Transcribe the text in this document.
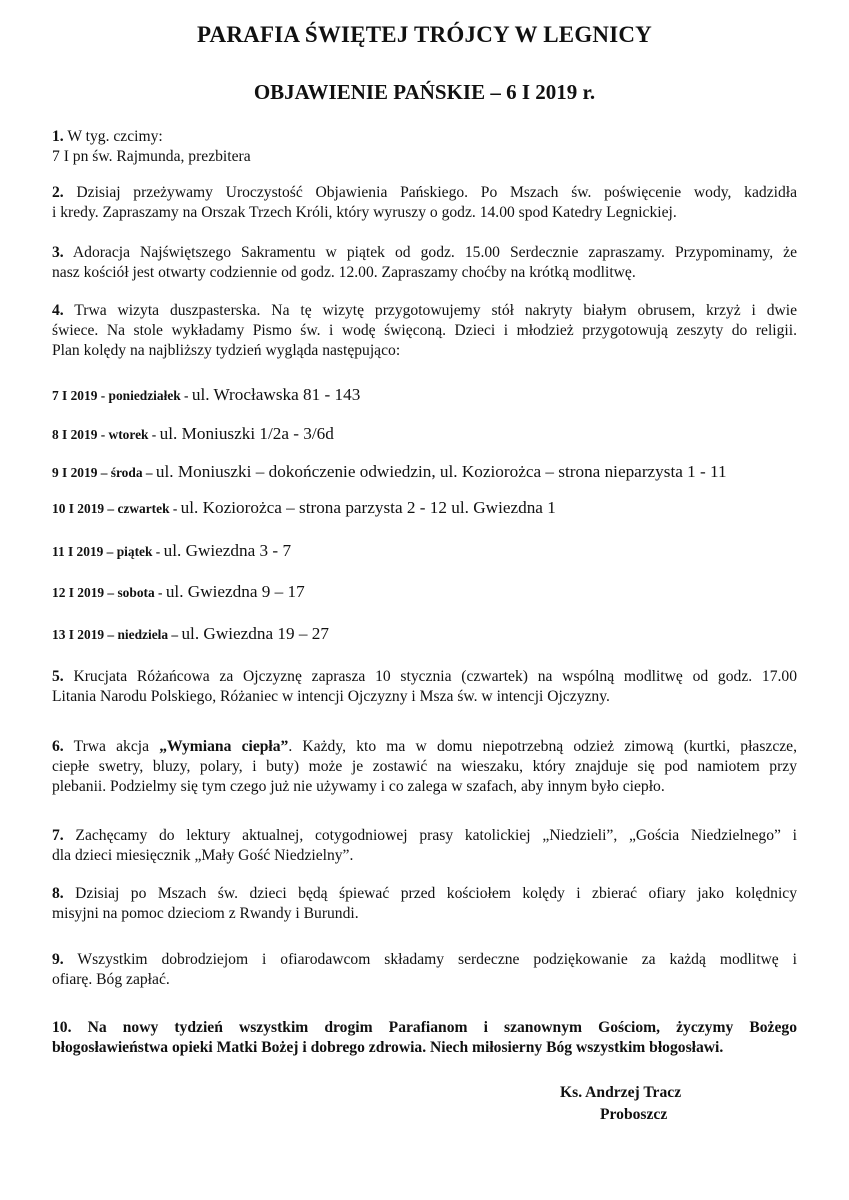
PARAFIA ŚWIĘTEJ TRÓJCY W LEGNICY
OBJAWIENIE PAŃSKIE – 6 I 2019 r.
1. W tyg. czcimy:
7 I pn św. Rajmunda, prezbitera
2. Dzisiaj przeżywamy Uroczystość Objawienia Pańskiego. Po Mszach św. poświęcenie wody, kadzidła
i kredy. Zapraszamy na Orszak Trzech Króli, który wyruszy o godz. 14.00 spod Katedry Legnickiej.
3. Adoracja Najświętszego Sakramentu w piątek od godz. 15.00 Serdecznie zapraszamy. Przypominamy, że
nasz kościół jest otwarty codziennie od godz. 12.00. Zapraszamy choćby na krótką modlitwę.
4. Trwa wizyta duszpasterska. Na tę wizytę przygotowujemy stół nakryty białym obrusem, krzyż i dwie
świece. Na stole wykładamy Pismo św. i wodę święconą. Dzieci i młodzież przygotowują zeszyty do religii.
Plan kolędy na najbliższy tydzień wygląda następująco:
7 I 2019 - poniedziałek - ul. Wrocławska 81 - 143
8 I 2019 - wtorek - ul. Moniuszki 1/2a - 3/6d
9 I 2019 – środa – ul. Moniuszki – dokończenie odwiedzin, ul. Koziorożca – strona nieparzysta 1 - 11
10 I 2019 – czwartek - ul. Koziorożca – strona parzysta 2 - 12 ul. Gwiezdna 1
11 I 2019 – piątek - ul. Gwiezdna 3 - 7
12 I 2019 – sobota - ul. Gwiezdna 9 – 17
13 I 2019 – niedziela – ul. Gwiezdna 19 – 27
5. Krucjata Różańcowa za Ojczyznę zaprasza 10 stycznia (czwartek) na wspólną modlitwę od godz. 17.00
Litania Narodu Polskiego, Różaniec w intencji Ojczyzny i Msza św. w intencji Ojczyzny.
6. Trwa akcja „Wymiana ciepła”. Każdy, kto ma w domu niepotrzebną odzież zimową (kurtki, płaszcze,
ciepłe swetry, bluzy, polary, i buty) może je zostawić na wieszaku, który znajduje się pod namiotem przy
plebanii. Podzielmy się tym czego już nie używamy i co zalega w szafach, aby innym było ciepło.
7. Zachęcamy do lektury aktualnej, cotygodniowej prasy katolickiej „Niedzieli”, „Gościa Niedzielnego” i
dla dzieci miesięcznik „Mały Gość Niedzielny”.
8. Dzisiaj po Mszach św. dzieci będą śpiewać przed kościołem kolędy i zbierać ofiary jako kolędnicy
misyjni na pomoc dzieciom z Rwandy i Burundi.
9. Wszystkim dobrodziejom i ofiarodawcom składamy serdeczne podziękowanie za każdą modlitwę i
ofiarę. Bóg zapłać.
10. Na nowy tydzień wszystkim drogim Parafianom i szanownym Gościom, życzymy Bożego
błogosławieństwa opieki Matki Bożej i dobrego zdrowia. Niech miłosierny Bóg wszystkim błogosławi.
Ks. Andrzej Tracz
Proboszcz
